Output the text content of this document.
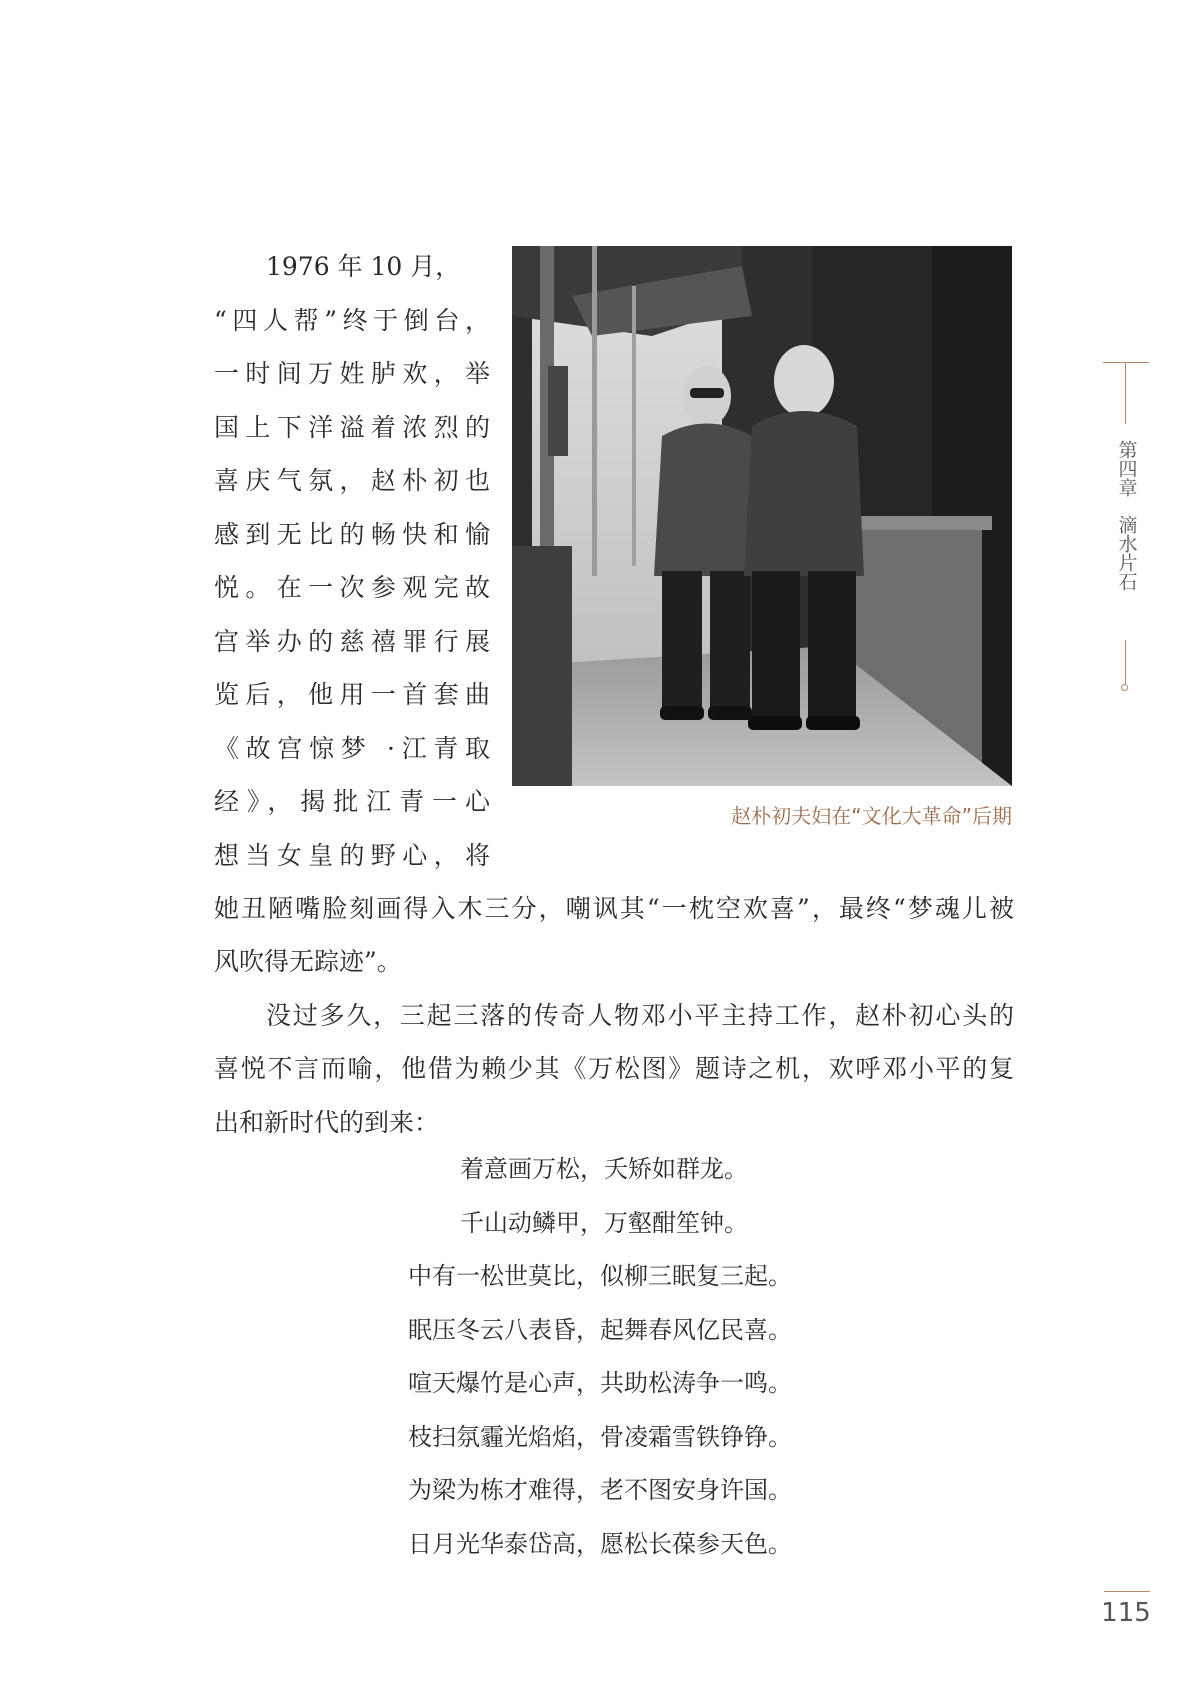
赵朴初夫妇在“文化大革命”后期
1976 年 10 月，
“四人帮”终于倒台，
一时间万姓胪欢，举
国上下洋溢着浓烈的
喜庆气氛，赵朴初也
感到无比的畅快和愉
悦。在一次参观完故
宫举办的慈禧罪行展
览后，他用一首套曲
《故宫惊梦 ·江青取
经》，揭批江青一心
想当女皇的野心，将
她丑陋嘴脸刻画得入木三分，嘲讽其“一枕空欢喜”，最终“梦魂儿被
风吹得无踪迹”。
没过多久，三起三落的传奇人物邓小平主持工作，赵朴初心头的
喜悦不言而喻，他借为赖少其《万松图》题诗之机，欢呼邓小平的复
出和新时代的到来：
着意画万松，夭矫如群龙。
千山动鳞甲，万壑酣笙钟。
中有一松世莫比，似柳三眠复三起。
眠压冬云八表昏，起舞春风亿民喜。
喧天爆竹是心声，共助松涛争一鸣。
枝扫氛霾光焰焰，骨凌霜雪铁铮铮。
为梁为栋才难得，老不图安身许国。
日月光华泰岱高，愿松长葆参天色。
第四章
滴水片石
115
